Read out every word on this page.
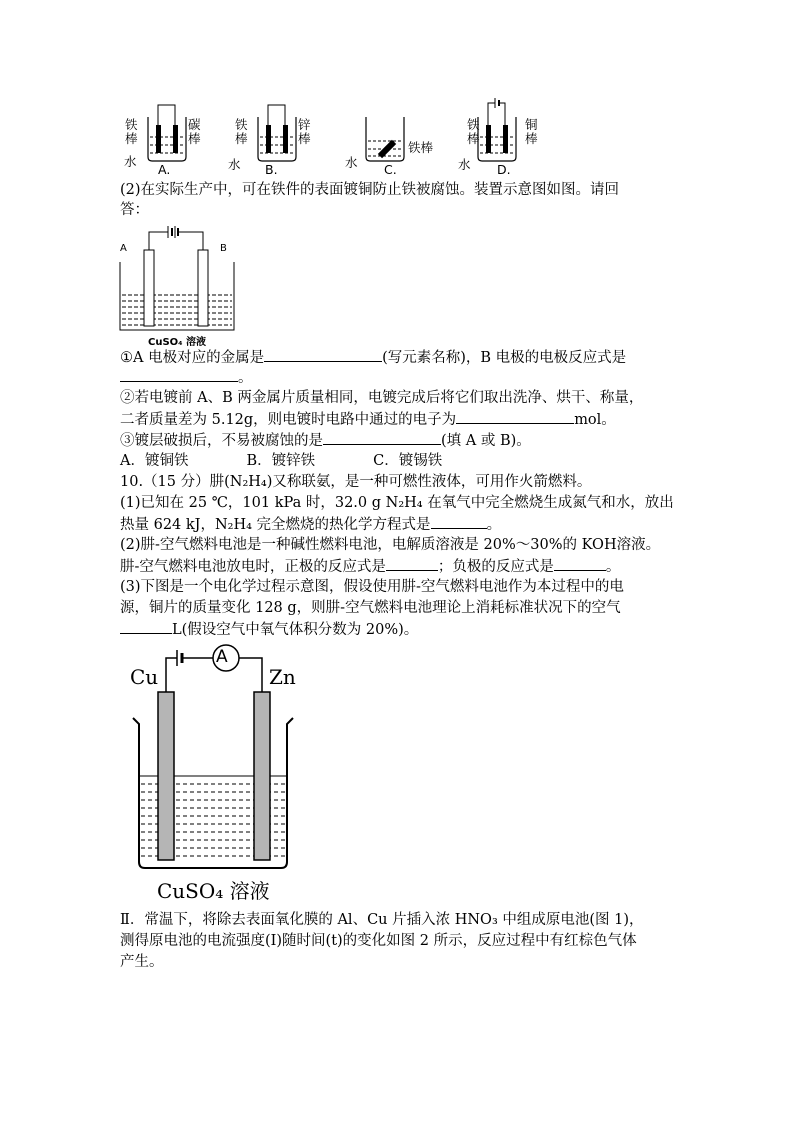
铁
棒
碳
棒
水
A.
铁
棒
锌
棒
水 B.	水
铁棒
C.
铁
棒
铜
棒
水 D.
(2)在实际生产中，可在铁件的表面镀铜防止铁被腐蚀。装置示意图如图。请回
答：
A	B
CuSO₄ 溶液
①A 电极对应的金属是	(写元素名称)，B 电极的电极反应式是
。
②若电镀前 A、B 两金属片质量相同，电镀完成后将它们取出洗净、烘干、称量，
二者质量差为 5.12g，则电镀时电路中通过的电子为	mol。
③镀层破损后，不易被腐蚀的是	(填 A 或 B)。
A．镀铜铁	B．镀锌铁	C．镀锡铁
10.（15 分）肼(N₂H₄)又称联氨，是一种可燃性液体，可用作火箭燃料。
(1)已知在 25 ℃，101 kPa 时，32.0 g N₂H₄ 在氧气中完全燃烧生成氮气和水，放出
热量 624 kJ，N₂H₄ 完全燃烧的热化学方程式是	。
(2)肼-空气燃料电池是一种碱性燃料电池，电解质溶液是 20%～30%的 KOH溶液。
肼-空气燃料电池放电时，正极的反应式是	；负极的反应式是	。
(3)下图是一个电化学过程示意图，假设使用肼-空气燃料电池作为本过程中的电
源，铜片的质量变化 128 g，则肼-空气燃料电池理论上消耗标准状况下的空气
L(假设空气中氧气体积分数为 20%)。
A
Cu	Zn
CuSO₄ 溶液
Ⅱ．常温下，将除去表面氧化膜的 Al、Cu 片插入浓 HNO₃ 中组成原电池(图 1)，
测得原电池的电流强度(I)随时间(t)的变化如图 2 所示，反应过程中有红棕色气体
产生。
